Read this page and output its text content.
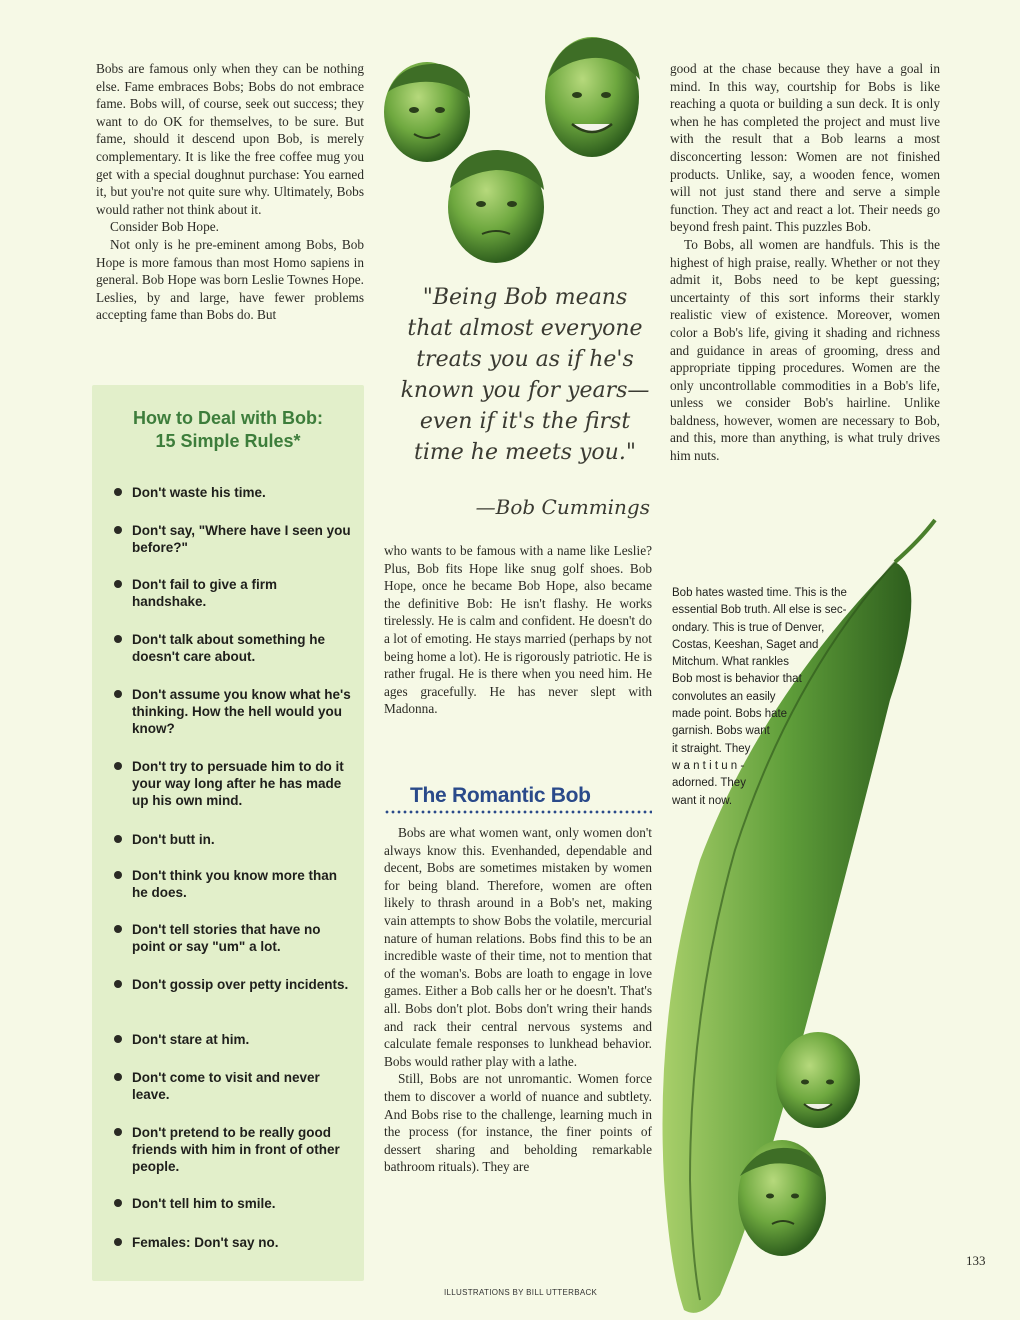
Bobs are famous only when they can be nothing else. Fame embraces Bobs; Bobs do not embrace fame. Bobs will, of course, seek out success; they want to do OK for themselves, to be sure. But fame, should it descend upon Bob, is merely complementary. It is like the free coffee mug you get with a special doughnut purchase: You earned it, but you're not quite sure why. Ultimately, Bobs would rather not think about it.

Consider Bob Hope.

Not only is he pre-eminent among Bobs, Bob Hope is more famous than most Homo sapiens in general. Bob Hope was born Leslie Townes Hope. Leslies, by and large, have fewer problems accepting fame than Bobs do. But

How to Deal with Bob:
15 Simple Rules*
Don't waste his time.
Don't say, "Where have I seen you before?"
Don't fail to give a firm handshake.
Don't talk about something he doesn't care about.
Don't assume you know what he's thinking. How the hell would you know?
Don't try to persuade him to do it your way long after he has made up his own mind.
Don't butt in.
Don't think you know more than he does.
Don't tell stories that have no point or say "um" a lot.
Don't gossip over petty incidents.
Don't stare at him.
Don't come to visit and never leave.
Don't pretend to be really good friends with him in front of other people.
Don't tell him to smile.
Females: Don't say no.
"Being Bob means that almost everyone treats you as if he's known you for years—even if it's the first time he meets you."
—Bob Cummings

who wants to be famous with a name like Leslie? Plus, Bob fits Hope like snug golf shoes. Bob Hope, once he became Bob Hope, also became the definitive Bob: He isn't flashy. He works tirelessly. He is calm and confident. He doesn't do a lot of emoting. He stays married (perhaps by not being home a lot). He is rigorously patriotic. He is rather frugal. He is there when you need him. He ages gracefully. He has never slept with Madonna.

The Romantic Bob

Bobs are what women want, only women don't always know this. Evenhanded, dependable and decent, Bobs are sometimes mistaken by women for being bland. Therefore, women are often likely to thrash around in a Bob's net, making vain attempts to show Bobs the volatile, mercurial nature of human relations. Bobs find this to be an incredible waste of their time, not to mention that of the woman's. Bobs are loath to engage in love games. Either a Bob calls her or he doesn't. That's all. Bobs don't plot. Bobs don't wring their hands and rack their central nervous systems and calculate female responses to lunkhead behavior. Bobs would rather play with a lathe.

Still, Bobs are not unromantic. Women force them to discover a world of nuance and subtlety. And Bobs rise to the challenge, learning much in the process (for instance, the finer points of dessert sharing and beholding remarkable bathroom rituals). They are

good at the chase because they have a goal in mind. In this way, courtship for Bobs is like reaching a quota or building a sun deck. It is only when he has completed the project and must live with the result that a Bob learns a most disconcerting lesson: Women are not finished products. Unlike, say, a wooden fence, women will not just stand there and serve a simple function. They act and react a lot. Their needs go beyond fresh paint. This puzzles Bob.

To Bobs, all women are handfuls. This is the highest of high praise, really. Whether or not they admit it, Bobs need to be kept guessing; uncertainty of this sort informs their starkly realistic view of existence. Moreover, women color a Bob's life, giving it shading and richness and guidance in areas of grooming, dress and appropriate tipping procedures. Women are the only uncontrollable commodities in a Bob's life, unless we consider Bob's hairline. Unlike baldness, however, women are necessary to Bob, and this, more than anything, is what truly drives him nuts.

Bob hates wasted time. This is the
essential Bob truth. All else is sec-
ondary. This is true of Denver,
Costas, Keeshan, Saget and
Mitchum. What rankles
Bob most is behavior that
convolutes an easily
made point. Bobs hate
garnish. Bobs want
it straight. They
w a n t i t u n -
adorned. They
want it now.
ILLUSTRATIONS BY BILL UTTERBACK
133
